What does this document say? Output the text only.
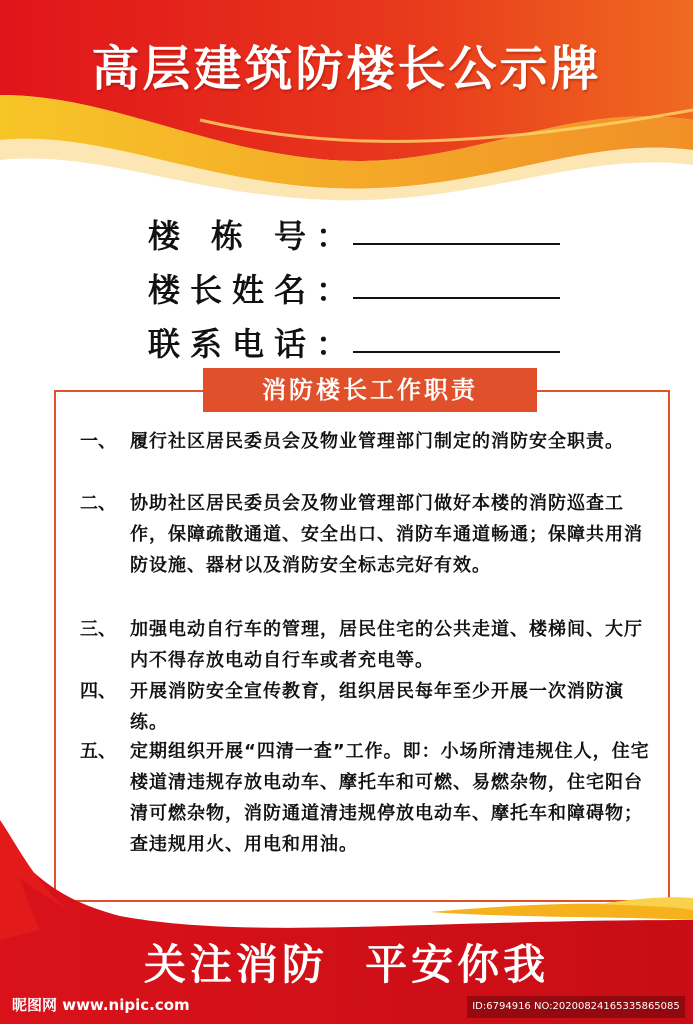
高层建筑防楼长公示牌
楼 栋 号：
楼长姓名：
联系电话：
消防楼长工作职责
一、 履行社区居民委员会及物业管理部门制定的消防安全职责。
二、 协助社区居民委员会及物业管理部门做好本楼的消防巡查工作，保障疏散通道、安全出口、消防车通道畅通；保障共用消防设施、器材以及消防安全标志完好有效。
三、 加强电动自行车的管理，居民住宅的公共走道、楼梯间、大厅内不得存放电动自行车或者充电等。
四、 开展消防安全宣传教育，组织居民每年至少开展一次消防演练。
五、 定期组织开展“四清一查”工作。即：小场所清违规住人，住宅楼道清违规存放电动车、摩托车和可燃、易燃杂物，住宅阳台清可燃杂物，消防通道清违规停放电动车、摩托车和障碍物；查违规用火、用电和用油。
关注消防  平安你我
昵图网 www.nipic.com	ID:6794916 NO:20200824165335865085
